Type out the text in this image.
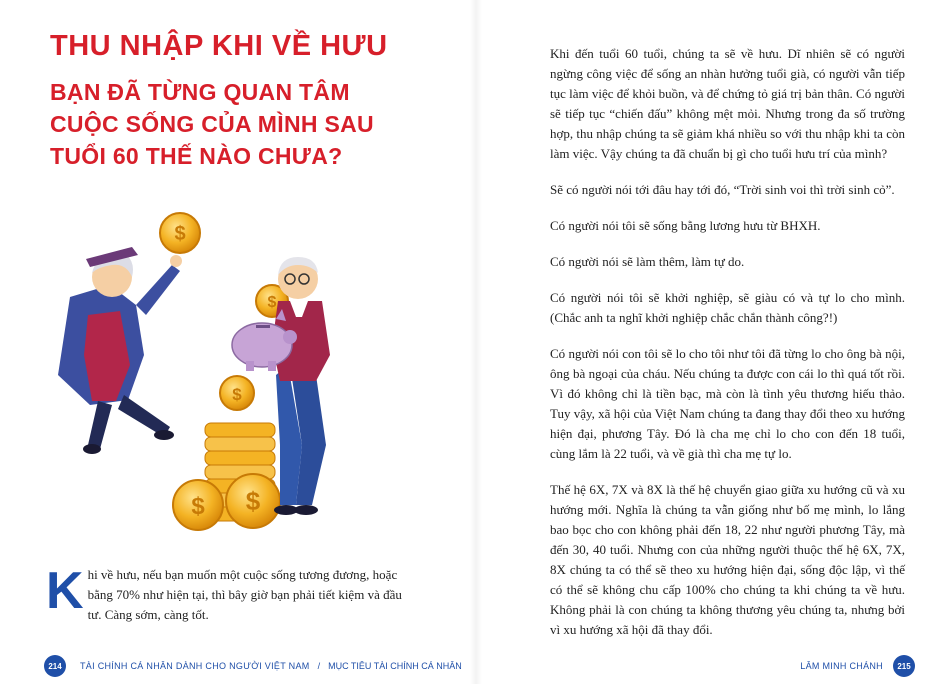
THU NHẬP KHI VỀ HƯU
BẠN ĐÃ TỪNG QUAN TÂM CUỘC SỐNG CỦA MÌNH SAU TUỔI 60 THẾ NÀO CHƯA?
$
$
$
$ $
Khi về hưu, nếu bạn muốn một cuộc sống tương đương, hoặc bằng 70% như hiện tại, thì bây giờ bạn phải tiết kiệm và đầu tư. Càng sớm, càng tốt.
214	TÀI CHÍNH CÁ NHÂN DÀNH CHO NGƯỜI VIỆT NAM / MỤC TIÊU TÀI CHÍNH CÁ NHÂN

Khi đến tuổi 60 tuổi, chúng ta sẽ về hưu. Dĩ nhiên sẽ có người ngừng công việc để sống an nhàn hưởng tuổi già, có người vẫn tiếp tục làm việc để khỏi buồn, và để chứng tỏ giá trị bản thân. Có người sẽ tiếp tục “chiến đấu” không mệt mỏi. Nhưng trong đa số trường hợp, thu nhập chúng ta sẽ giảm khá nhiều so với thu nhập khi ta còn làm việc. Vậy chúng ta đã chuẩn bị gì cho tuổi hưu trí của mình?

Sẽ có người nói tới đâu hay tới đó, “Trời sinh voi thì trời sinh cỏ”.

Có người nói tôi sẽ sống bằng lương hưu từ BHXH.

Có người nói sẽ làm thêm, làm tự do.

Có người nói tôi sẽ khởi nghiệp, sẽ giàu có và tự lo cho mình. (Chắc anh ta nghĩ khởi nghiệp chắc chắn thành công?!)

Có người nói con tôi sẽ lo cho tôi như tôi đã từng lo cho ông bà nội, ông bà ngoại của cháu. Nếu chúng ta được con cái lo thì quá tốt rồi. Vì đó không chỉ là tiền bạc, mà còn là tình yêu thương hiếu thảo. Tuy vậy, xã hội của Việt Nam chúng ta đang thay đổi theo xu hướng hiện đại, phương Tây. Đó là cha mẹ chỉ lo cho con đến 18 tuổi, cùng lắm là 22 tuổi, và về già thì cha mẹ tự lo.

Thế hệ 6X, 7X và 8X là thế hệ chuyển giao giữa xu hướng cũ và xu hướng mới. Nghĩa là chúng ta vẫn giống như bố mẹ mình, lo lắng bao bọc cho con không phải đến 18, 22 như người phương Tây, mà đến 30, 40 tuổi. Nhưng con của những người thuộc thế hệ 6X, 7X, 8X chúng ta có thể sẽ theo xu hướng hiện đại, sống độc lập, vì thế có thể sẽ không chu cấp 100% cho chúng ta khi chúng ta về hưu. Không phải là con chúng ta không thương yêu chúng ta, nhưng bởi vì xu hướng xã hội đã thay đổi.

LÂM MINH CHÁNH	215
